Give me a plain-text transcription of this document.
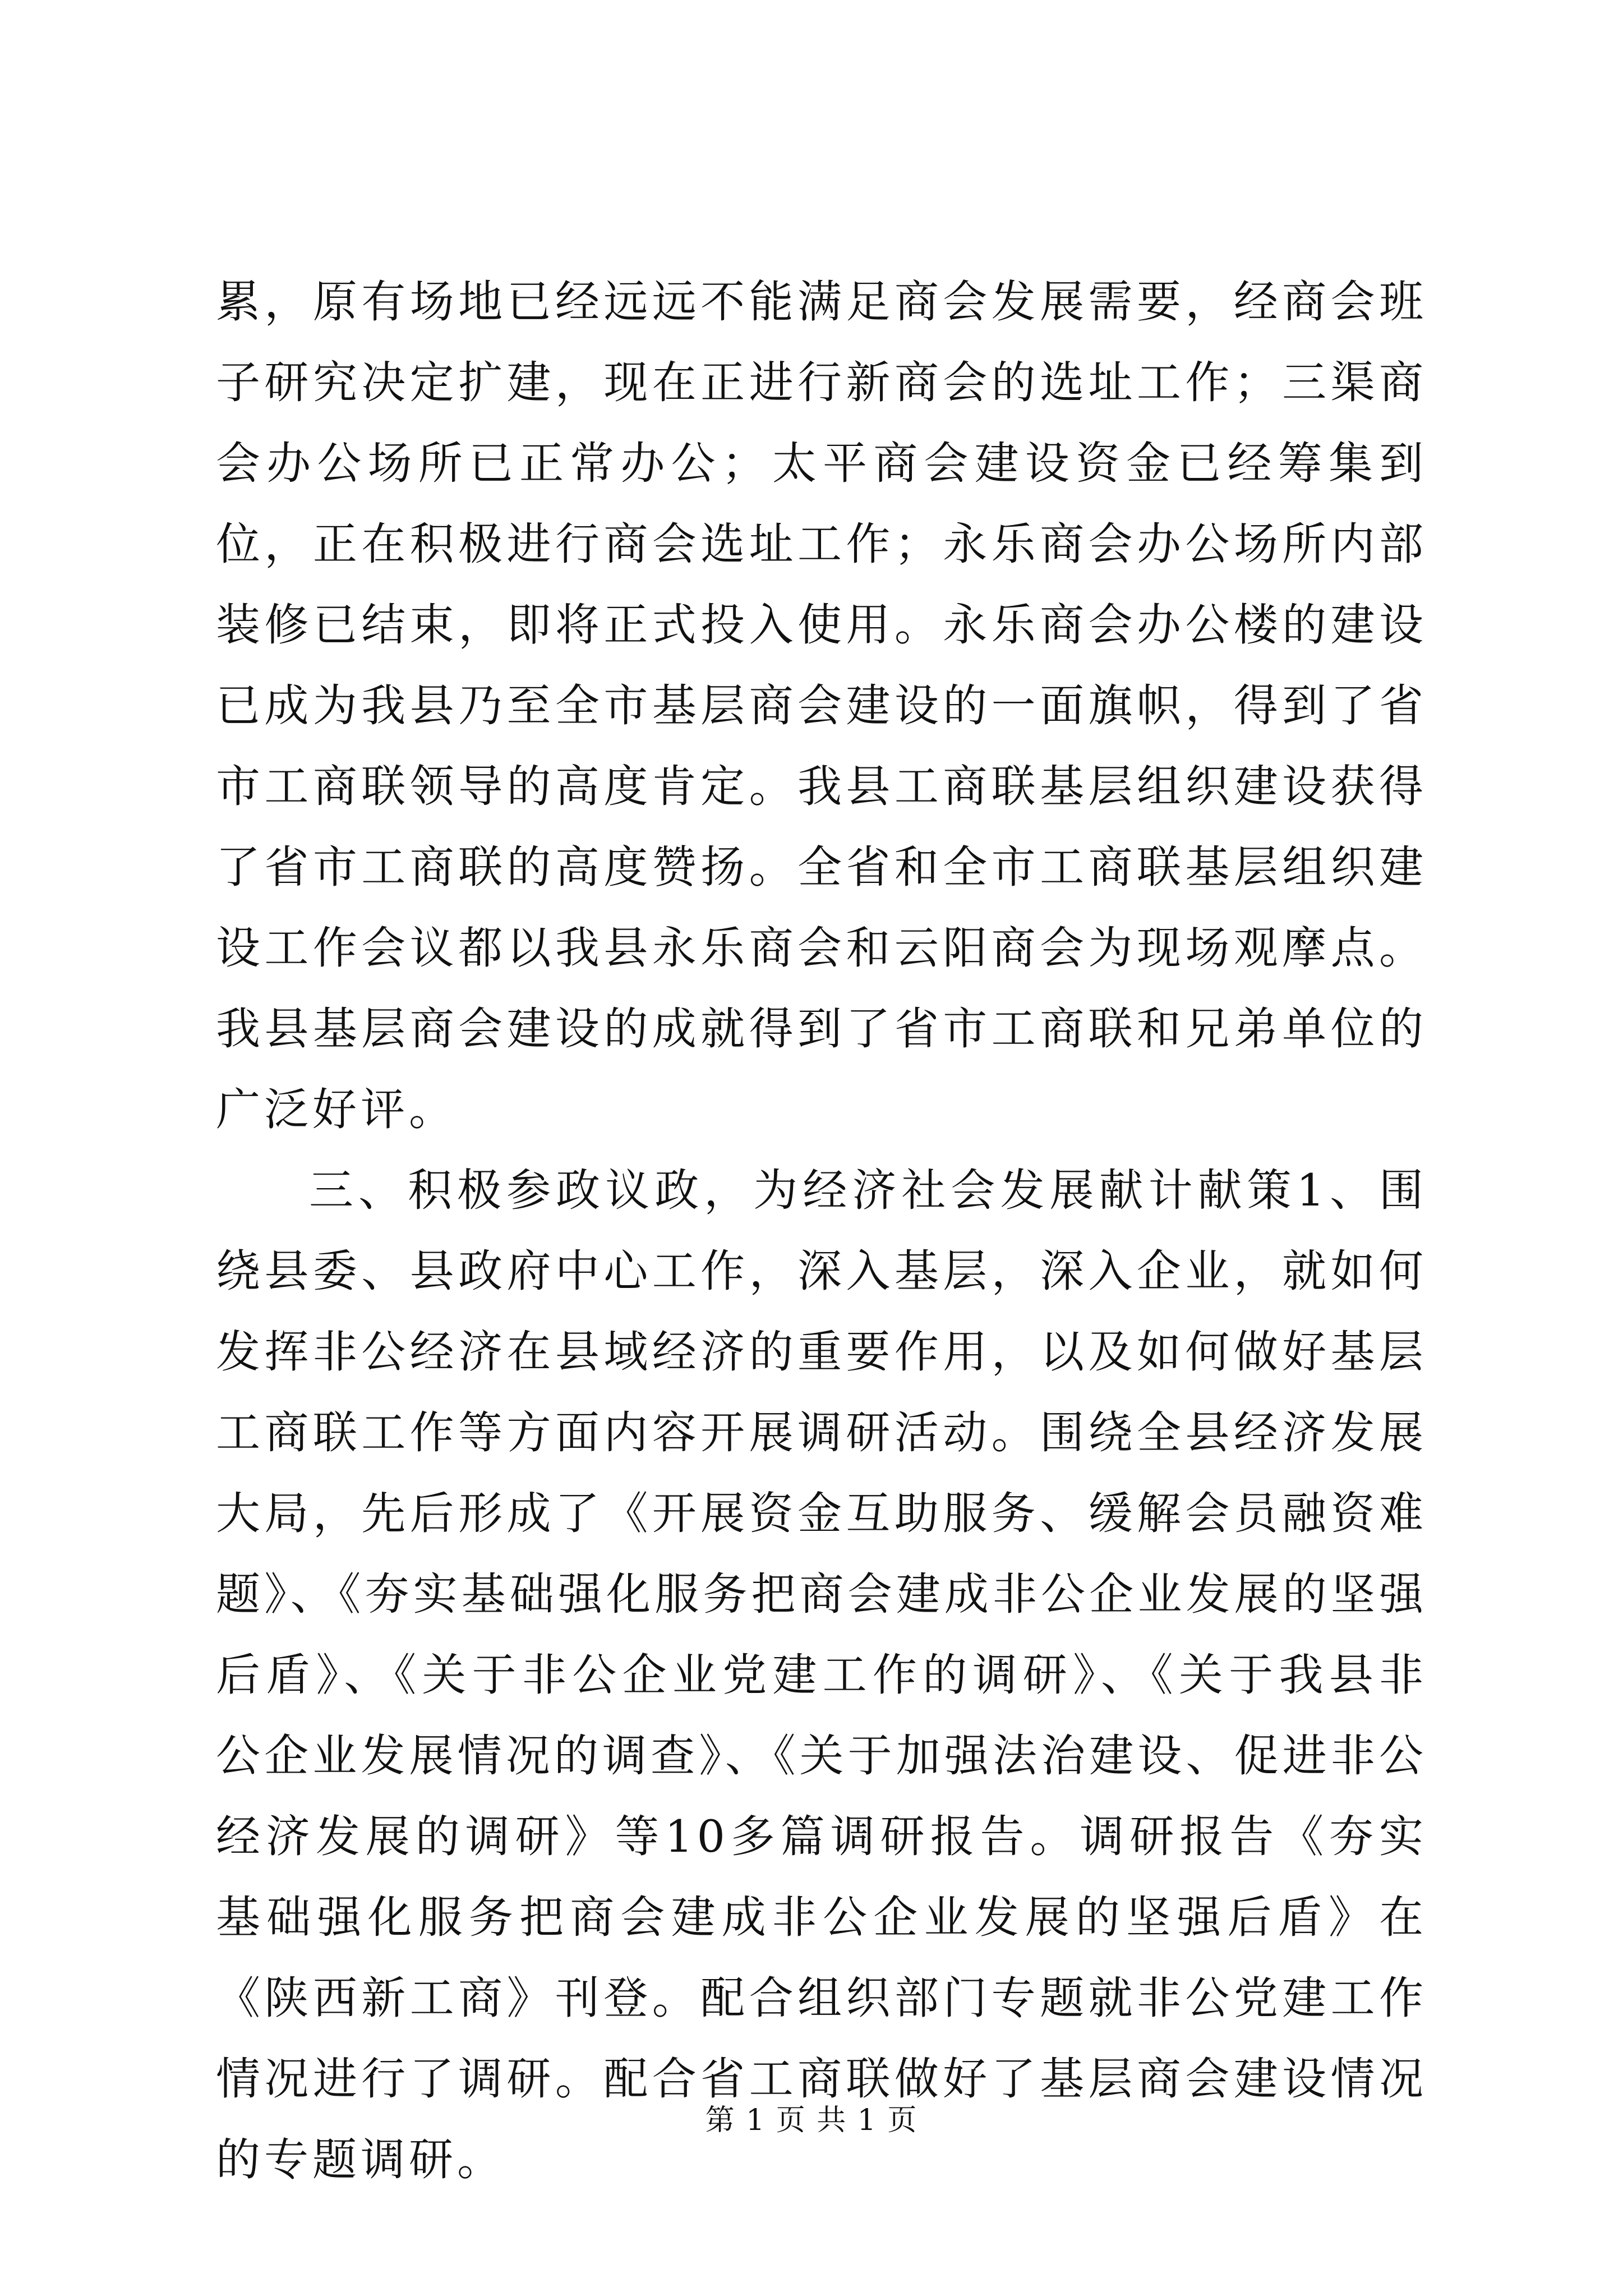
累，原有场地已经远远不能满足商会发展需要，经商会班子研究决定扩建，现在正进行新商会的选址工作；三渠商会办公场所已正常办公；太平商会建设资金已经筹集到位，正在积极进行商会选址工作；永乐商会办公场所内部装修已结束，即将正式投入使用。永乐商会办公楼的建设已成为我县乃至全市基层商会建设的一面旗帜，得到了省市工商联领导的高度肯定。我县工商联基层组织建设获得了省市工商联的高度赞扬。全省和全市工商联基层组织建设工作会议都以我县永乐商会和云阳商会为现场观摩点。我县基层商会建设的成就得到了省市工商联和兄弟单位的广泛好评。

三、积极参政议政，为经济社会发展献计献策1、围绕县委、县政府中心工作，深入基层，深入企业，就如何发挥非公经济在县域经济的重要作用，以及如何做好基层工商联工作等方面内容开展调研活动。围绕全县经济发展大局，先后形成了《开展资金互助服务、缓解会员融资难题》、《夯实基础强化服务把商会建成非公企业发展的坚强后盾》、《关于非公企业党建工作的调研》、《关于我县非公企业发展情况的调查》、《关于加强法治建设、促进非公经济发展的调研》等10多篇调研报告。调研报告《夯实基础强化服务把商会建成非公企业发展的坚强后盾》在《陕西新工商》刊登。配合组织部门专题就非公党建工作情况进行了调研。配合省工商联做好了基层商会建设情况的专题调研。

第 1 页 共 1 页
